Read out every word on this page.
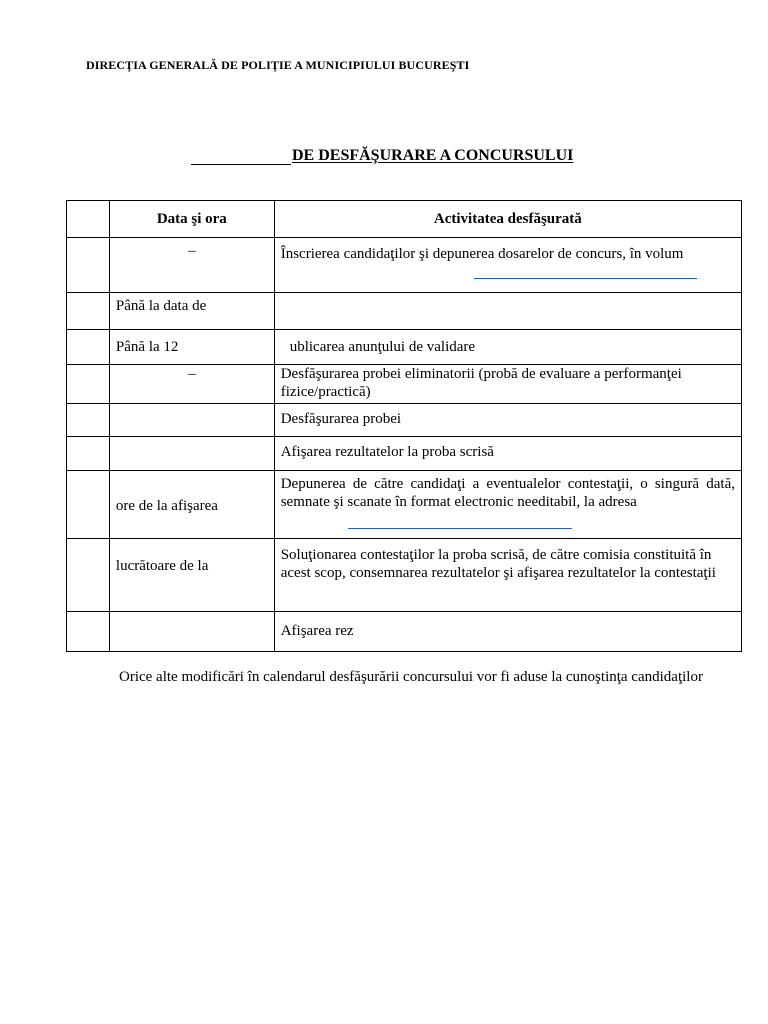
DIRECŢIA GENERALĂ DE POLIŢIE A MUNICIPIULUI BUCUREŞTI
DE DESFĂŞURARE A CONCURSULUI
	Data şi ora	Activitatea desfăşurată

	–	Înscrierea candidaţilor şi depunerea dosarelor de concurs, în volum

	Până la data de	

	Până la 12	ublicarea anunţului de validare

	–	Desfăşurarea probei eliminatorii (probă de evaluare a performanţei fizice/practică)

		Desfăşurarea probei

		Afişarea rezultatelor la proba scrisă

	ore de la afişarea	Depunerea de către candidaţi a eventualelor contestaţii, o singură dată, semnate şi scanate în format electronic needitabil, la adresa

	lucrătoare de la	Soluţionarea contestaţilor la proba scrisă, de către comisia constituită în acest scop, consemnarea rezultatelor şi afişarea rezultatelor la contestaţii

		Afişarea rez
Orice alte modificări în calendarul desfăşurării concursului vor fi aduse la cunoştinţa candidaţilor
